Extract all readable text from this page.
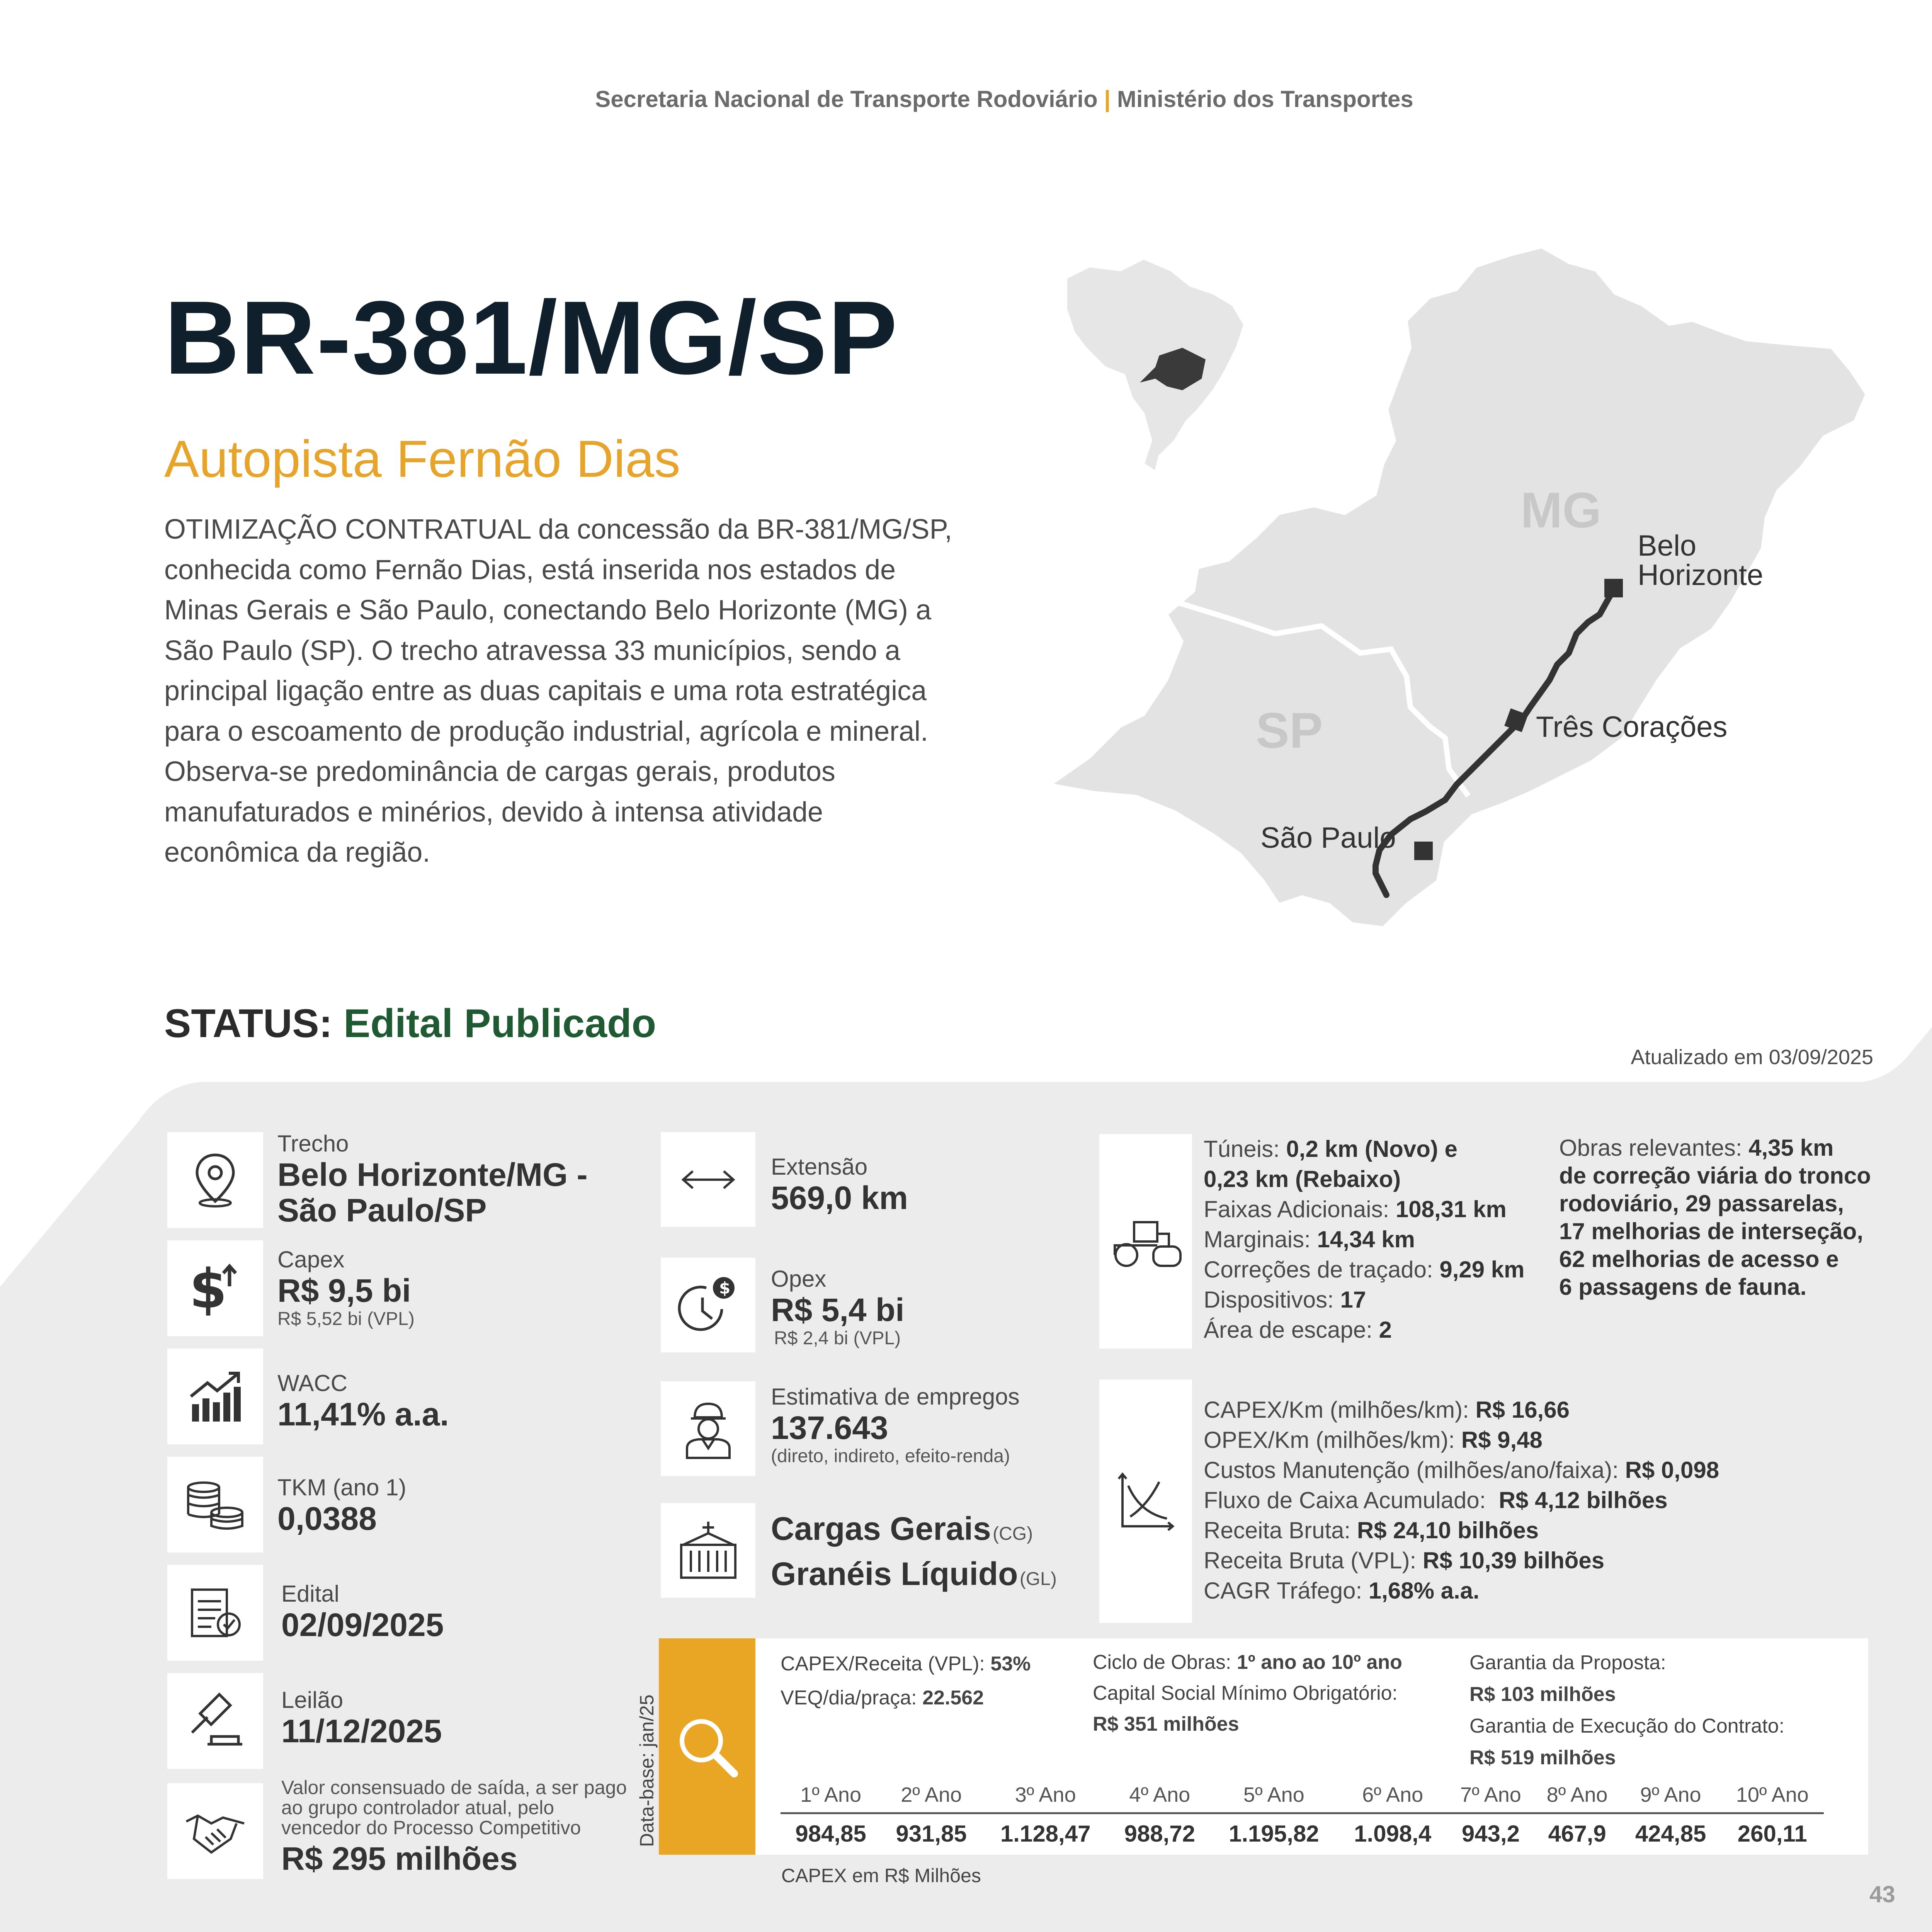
Secretaria Nacional de Transporte Rodoviário | Ministério dos Transportes
BR-381/MG/SP
Autopista Fernão Dias
OTIMIZAÇÃO CONTRATUAL da concessão da BR-381/MG/SP, conhecida como Fernão Dias, está inserida nos estados de Minas Gerais e São Paulo, conectando Belo Horizonte (MG) a São Paulo (SP). O trecho atravessa 33 municípios, sendo a principal ligação entre as duas capitais e uma rota estratégica para o escoamento de produção industrial, agrícola e mineral. Observa-se predominância de cargas gerais, produtos manufaturados e minérios, devido à intensa atividade econômica da região.
MG
SP
Belo
Horizonte
Três Corações
São Paulo
STATUS: Edital Publicado
Atualizado em 03/09/2025
Trecho
Belo Horizonte/MG -
São Paulo/SP
$ Capex
R$ 9,5 bi
R$ 5,52 bi (VPL)
WACC
11,41% a.a.
TKM (ano 1)
0,0388
Edital
02/09/2025
Leilão
11/12/2025
Valor consensuado de saída, a ser pago
ao grupo controlador atual, pelo
vencedor do Processo Competitivo
R$ 295 milhões
Extensão
569,0 km
$ Opex
R$ 5,4 bi
R$ 2,4 bi (VPL)
Estimativa de empregos
137.643
(direto, indireto, efeito-renda)
Cargas Gerais (CG)
Granéis Líquido (GL)
Túneis: 0,2 km (Novo) e
0,23 km (Rebaixo)
Faixas Adicionais: 108,31 km
Marginais: 14,34 km
Correções de traçado: 9,29 km
Dispositivos: 17
Área de escape: 2
Obras relevantes: 4,35 km
de correção viária do tronco
rodoviário, 29 passarelas,
17 melhorias de interseção,
62 melhorias de acesso e
6 passagens de fauna.
CAPEX/Km (milhões/km): R$ 16,66
OPEX/Km (milhões/km): R$ 9,48
Custos Manutenção (milhões/ano/faixa): R$ 0,098
Fluxo de Caixa Acumulado: R$ 4,12 bilhões
Receita Bruta: R$ 24,10 bilhões
Receita Bruta (VPL): R$ 10,39 bilhões
CAGR Tráfego: 1,68% a.a.
Data-base: jan/25
CAPEX/Receita (VPL): 53%
VEQ/dia/praça: 22.562
Ciclo de Obras: 1º ano ao 10º ano
Capital Social Mínimo Obrigatório:
R$ 351 milhões
Garantia da Proposta:
R$ 103 milhões
Garantia de Execução do Contrato:
R$ 519 milhões
1º Ano	2º Ano	3º Ano	4º Ano	5º Ano	6º Ano	7º Ano	8º Ano	9º Ano	10º Ano
984,85	931,85	1.128,47	988,72	1.195,82	1.098,4	943,2	467,9	424,85	260,11
CAPEX em R$ Milhões
43
